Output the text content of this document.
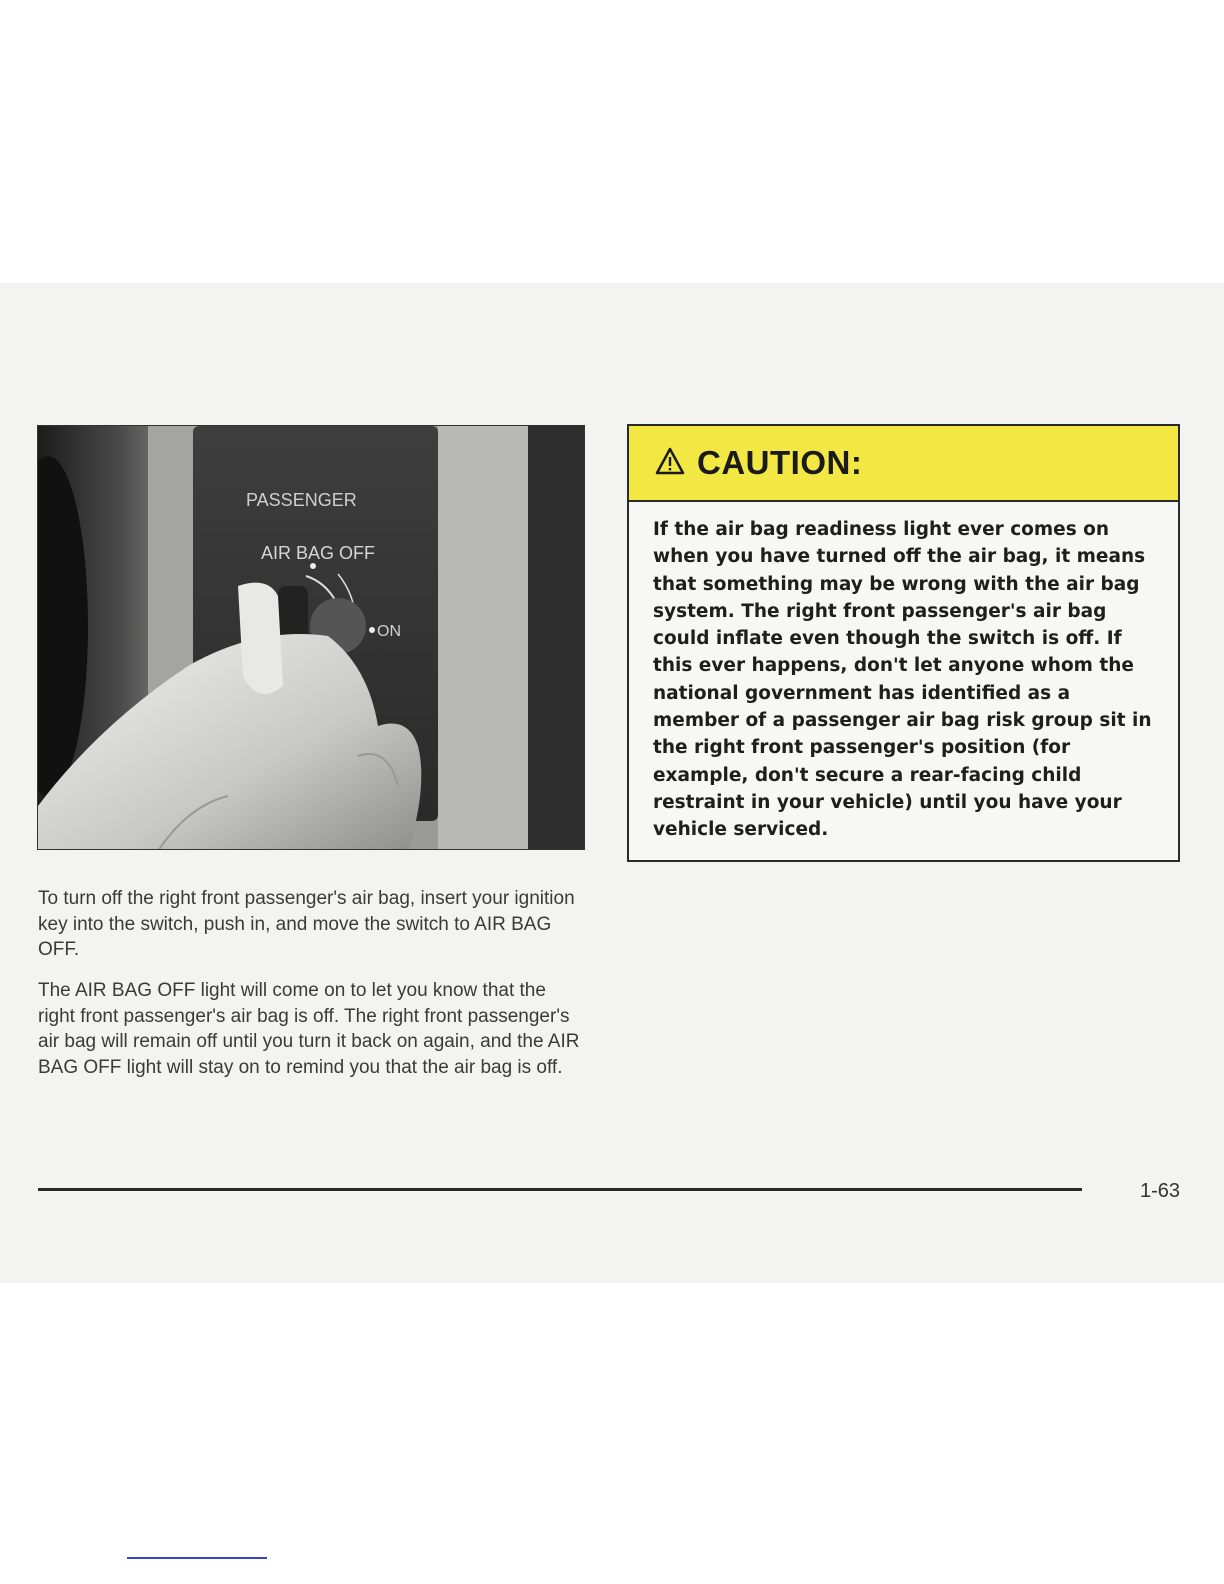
PASSENGER
AIR BAG OFF
ON
CAUTION:
If the air bag readiness light ever comes on when you have turned off the air bag, it means that something may be wrong with the air bag system. The right front passenger's air bag could inflate even though the switch is off. If this ever happens, don't let anyone whom the national government has identified as a member of a passenger air bag risk group sit in the right front passenger's position (for example, don't secure a rear-facing child restraint in your vehicle) until you have your vehicle serviced.
To turn off the right front passenger's air bag, insert your ignition key into the switch, push in, and move the switch to AIR BAG OFF.
The AIR BAG OFF light will come on to let you know that the right front passenger's air bag is off. The right front passenger's air bag will remain off until you turn it back on again, and the AIR BAG OFF light will stay on to remind you that the air bag is off.
1-63
